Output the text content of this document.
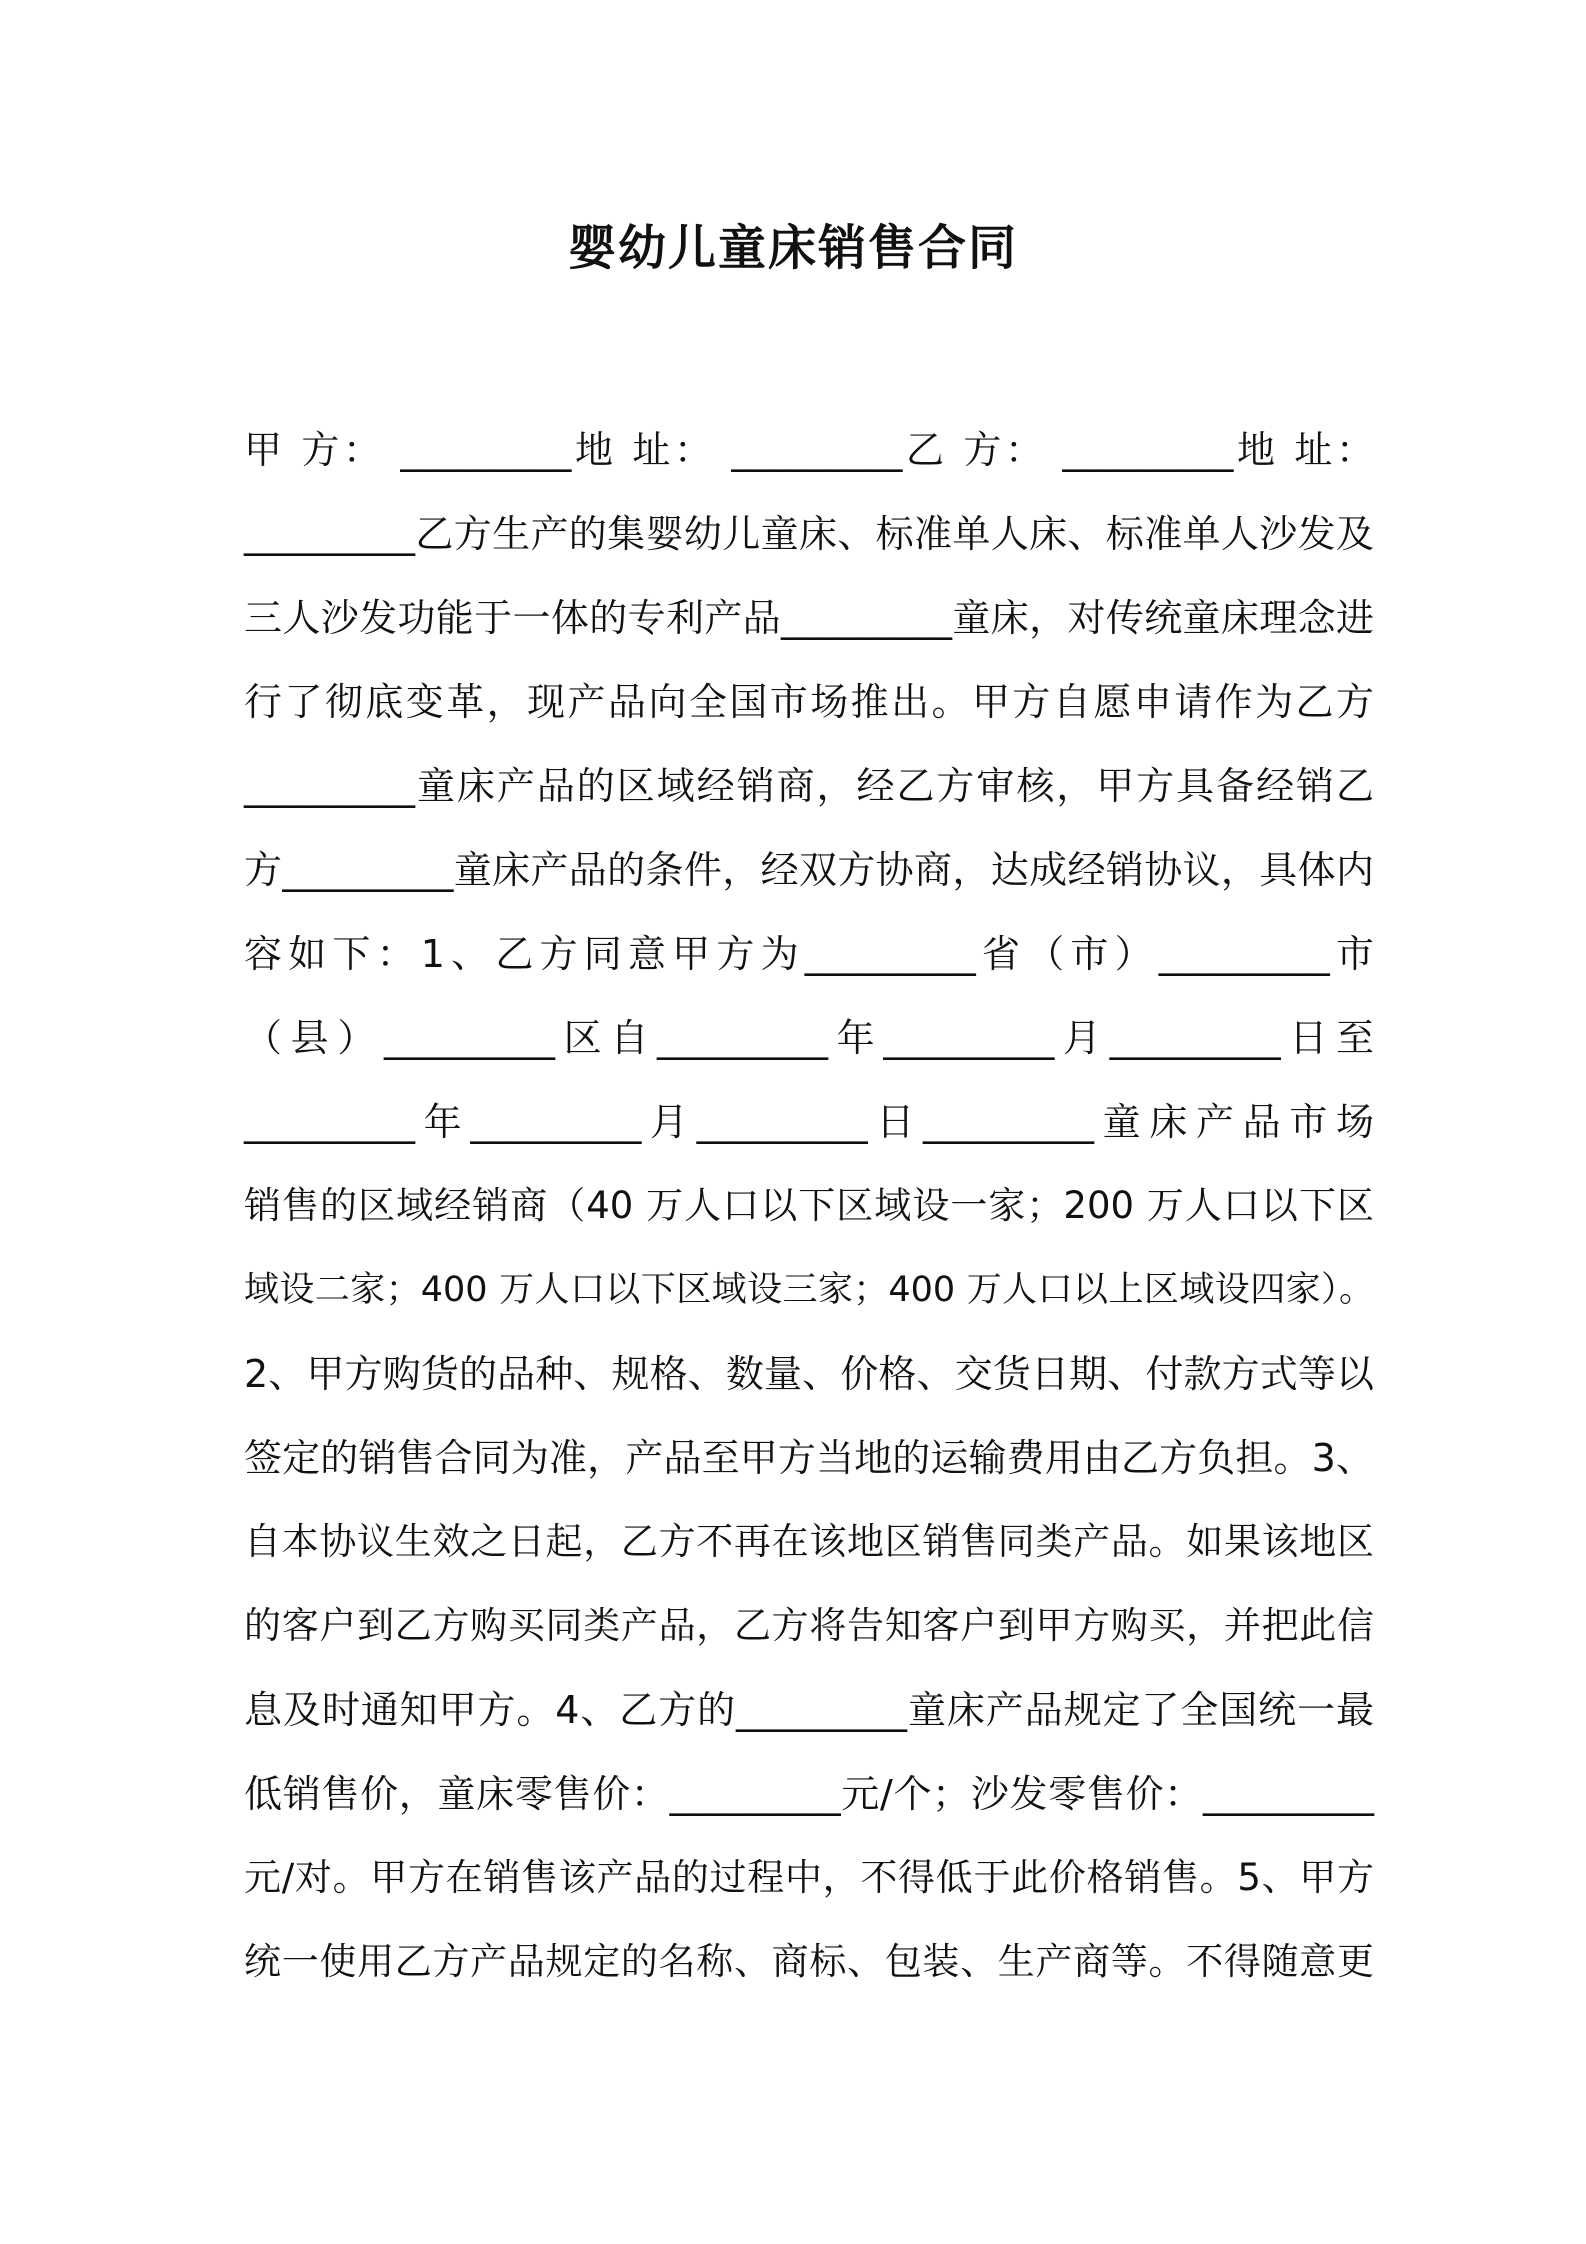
婴幼儿童床销售合同
甲 方： _________地 址： _________乙 方： _________地 址：
_________乙方生产的集婴幼儿童床、标准单人床、标准单人沙发及
三人沙发功能于一体的专利产品_________童床，对传统童床理念进
行了彻底变革，现产品向全国市场推出。甲方自愿申请作为乙方
_________童床产品的区域经销商，经乙方审核，甲方具备经销乙
方_________童床产品的条件，经双方协商，达成经销协议，具体内
容如下：1、乙方同意甲方为_________省（市）_________市
（县）_________区自_________年_________月_________日至
_________年_________月_________日_________童床产品市场
销售的区域经销商（40 万人口以下区域设一家；200 万人口以下区
域设二家；400 万人口以下区域设三家；400 万人口以上区域设四家）。
2、甲方购货的品种、规格、数量、价格、交货日期、付款方式等以
签定的销售合同为准，产品至甲方当地的运输费用由乙方负担。3、
自本协议生效之日起，乙方不再在该地区销售同类产品。如果该地区
的客户到乙方购买同类产品，乙方将告知客户到甲方购买，并把此信
息及时通知甲方。4、乙方的_________童床产品规定了全国统一最
低销售价，童床零售价：_________元/个；沙发零售价：_________
元/对。甲方在销售该产品的过程中，不得低于此价格销售。5、甲方
统一使用乙方产品规定的名称、商标、包装、生产商等。不得随意更
